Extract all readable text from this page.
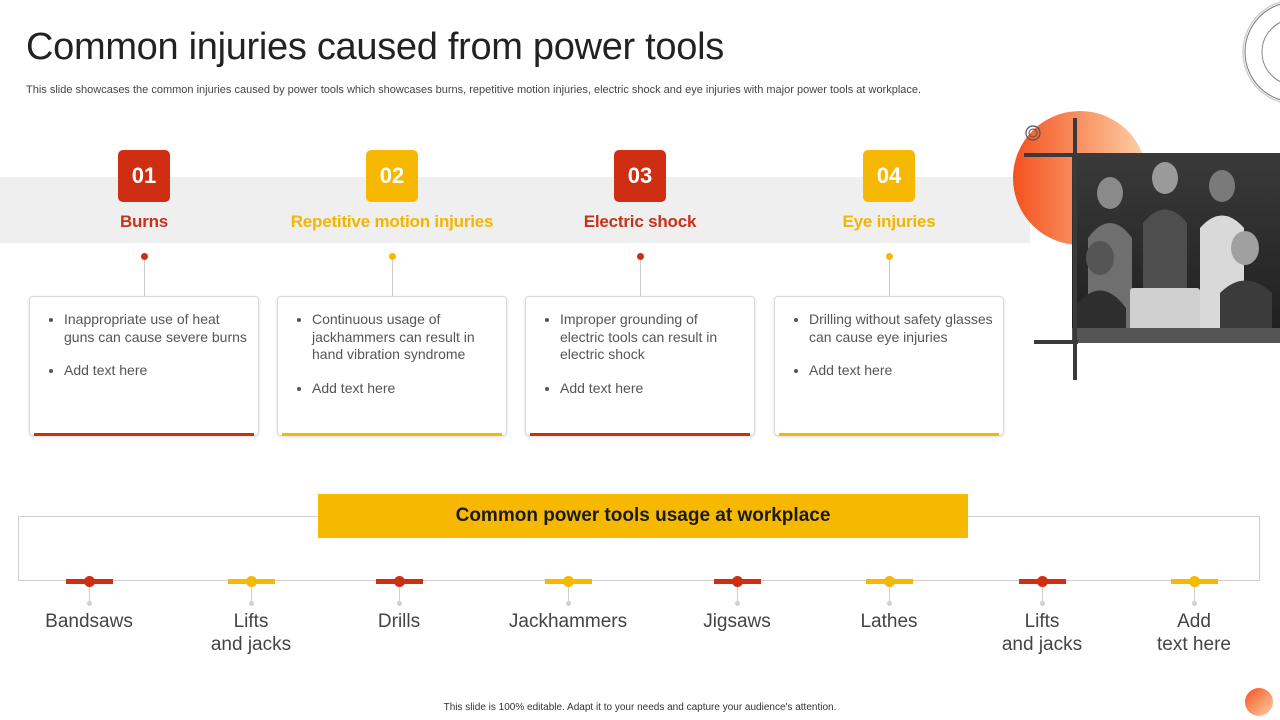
Common injuries caused from power tools

This slide showcases the common injuries caused by power tools which showcases burns, repetitive motion injuries, electric shock and eye injuries with major power tools at workplace.

01
Burns
• Inappropriate use of heat guns can cause severe burns
• Add text here
02
Repetitive motion injuries
• Continuous usage of jackhammers can result in hand vibration syndrome
• Add text here
03
Electric shock
• Improper grounding of electric tools can result in electric shock
• Add text here
04
Eye injuries
• Drilling without safety glasses can cause eye injuries
• Add text here
Common power tools usage at workplace
Bandsaws	Lifts
and jacks
Drills	Jackhammers	Jigsaws	Lathes	Lifts
and jacks
Add
text here
This slide is 100% editable. Adapt it to your needs and capture your audience's attention.
